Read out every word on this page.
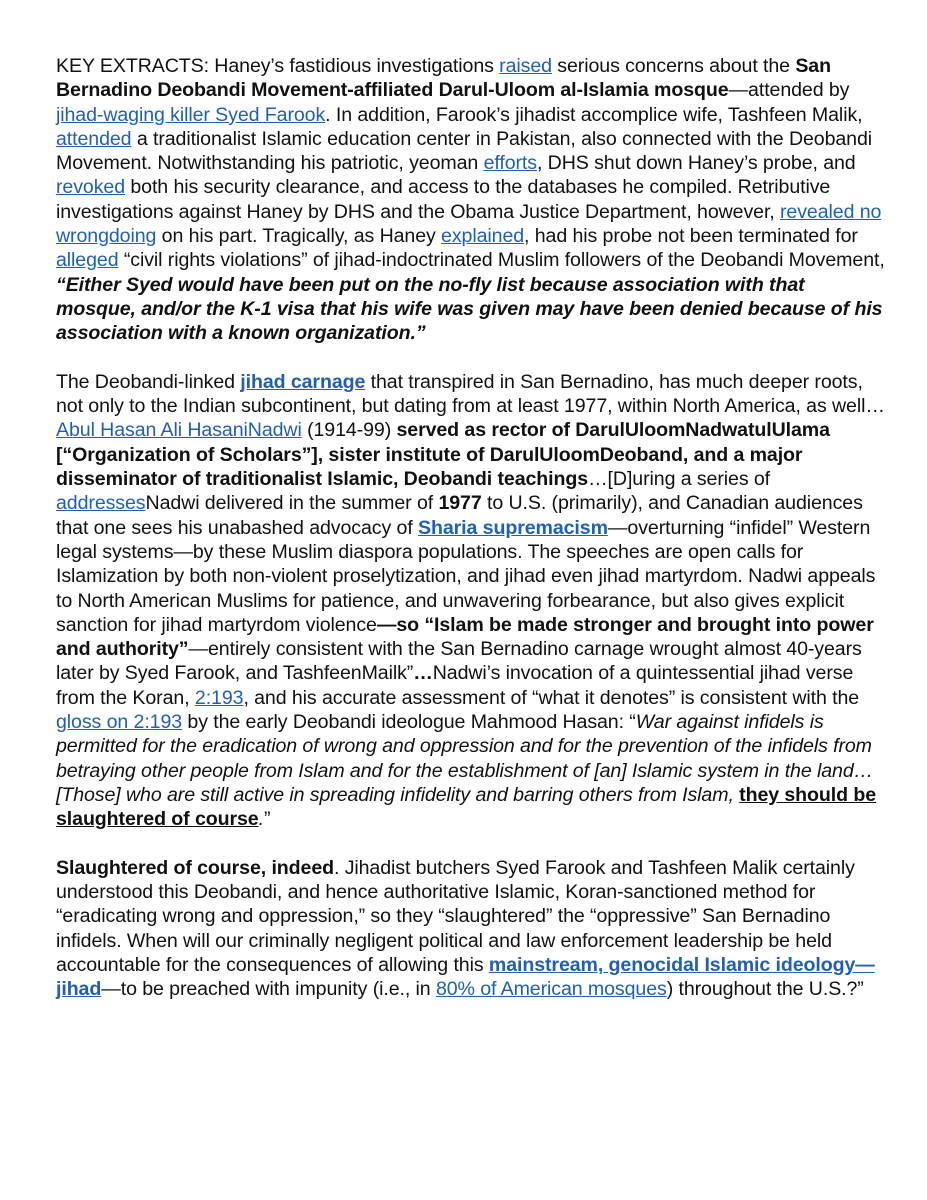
KEY EXTRACTS: Haney’s fastidious investigations raised serious concerns about the San Bernadino Deobandi Movement-affiliated Darul-Uloom al-Islamia mosque—attended by jihad-waging killer Syed Farook. In addition, Farook’s jihadist accomplice wife, Tashfeen Malik, attended a traditionalist Islamic education center in Pakistan, also connected with the Deobandi Movement. Notwithstanding his patriotic, yeoman efforts, DHS shut down Haney’s probe, and revoked both his security clearance, and access to the databases he compiled. Retributive investigations against Haney by DHS and the Obama Justice Department, however, revealed no wrongdoing on his part. Tragically, as Haney explained, had his probe not been terminated for alleged “civil rights violations” of jihad-indoctrinated Muslim followers of the Deobandi Movement, “Either Syed would have been put on the no-fly list because association with that mosque, and/or the K-1 visa that his wife was given may have been denied because of his association with a known organization.”

The Deobandi-linked jihad carnage that transpired in San Bernadino, has much deeper roots, not only to the Indian subcontinent, but dating from at least 1977, within North America, as well…Abul Hasan Ali HasaniNadwi (1914-99) served as rector of DarulUloomNadwatulUlama [“Organization of Scholars”], sister institute of DarulUloomDeoband, and a major disseminator of traditionalist Islamic, Deobandi teachings…[D]uring a series of addressesNadwi delivered in the summer of 1977 to U.S. (primarily), and Canadian audiences that one sees his unabashed advocacy of Sharia supremacism—overturning “infidel” Western legal systems—by these Muslim diaspora populations. The speeches are open calls for Islamization by both non-violent proselytization, and jihad even jihad martyrdom. Nadwi appeals to North American Muslims for patience, and unwavering forbearance, but also gives explicit sanction for jihad martyrdom violence—so “Islam be made stronger and brought into power and authority”—entirely consistent with the San Bernadino carnage wrought almost 40-years later by Syed Farook, and TashfeenMailk”…Nadwi’s invocation of a quintessential jihad verse from the Koran, 2:193, and his accurate assessment of “what it denotes” is consistent with the gloss on 2:193 by the early Deobandi ideologue Mahmood Hasan: “War against infidels is permitted for the eradication of wrong and oppression and for the prevention of the infidels from betraying other people from Islam and for the establishment of [an] Islamic system in the land…[Those] who are still active in spreading infidelity and barring others from Islam, they should be slaughtered of course.”

Slaughtered of course, indeed. Jihadist butchers Syed Farook and Tashfeen Malik certainly understood this Deobandi, and hence authoritative Islamic, Koran-sanctioned method for “eradicating wrong and oppression,” so they “slaughtered” the “oppressive” San Bernadino infidels. When will our criminally negligent political and law enforcement leadership be held accountable for the consequences of allowing this mainstream, genocidal Islamic ideology—jihad—to be preached with impunity (i.e., in 80% of American mosques) throughout the U.S.?”
